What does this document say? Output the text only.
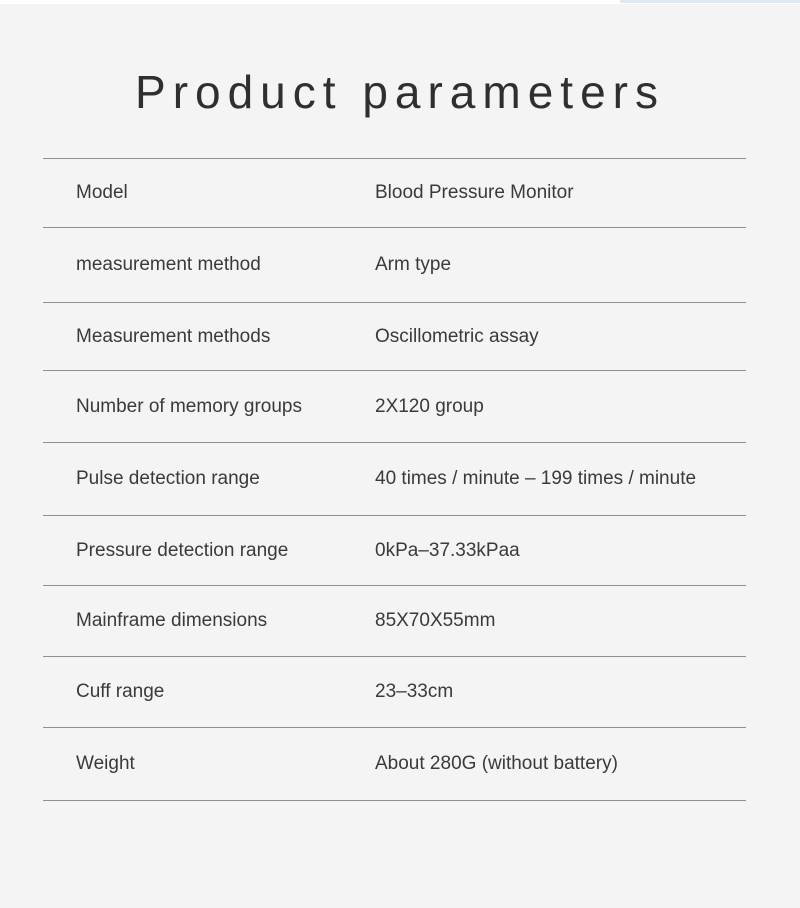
Product parameters
Model	Blood Pressure Monitor
measurement method	Arm type
Measurement methods	Oscillometric assay
Number of memory groups	2X120 group
Pulse detection range	40 times / minute – 199 times / minute
Pressure detection range	0kPa–37.33kPaa
Mainframe dimensions	85X70X55mm
Cuff range	23–33cm
Weight	About 280G (without battery)
